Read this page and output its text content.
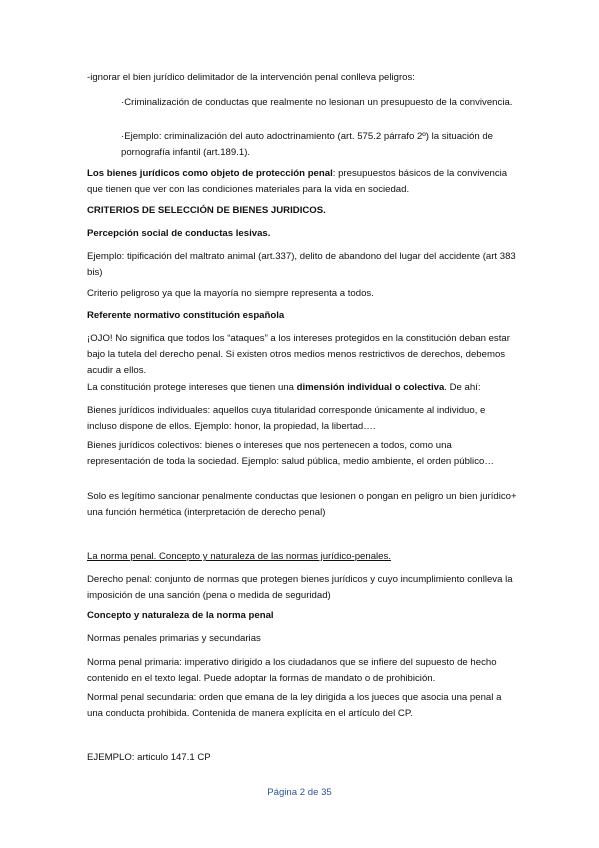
-ignorar el bien jurídico delimitador de la intervención penal conlleva peligros:

·Criminalización de conductas que realmente no lesionan un presupuesto de la convivencia.

·Ejemplo: criminalización del auto adoctrinamiento (art. 575.2 párrafo 2º) la situación de pornografía infantil (art.189.1).

Los bienes jurídicos como objeto de protección penal: presupuestos básicos de la convivencia que tienen que ver con las condiciones materiales para la vida en sociedad.

CRITERIOS DE SELECCIÓN DE BIENES JURIDICOS.

Percepción social de conductas lesivas.

Ejemplo: tipificación del maltrato animal (art.337), delito de abandono del lugar del accidente (art 383 bis)

Criterio peligroso ya que la mayoría no siempre representa a todos.

Referente normativo constitución española

¡OJO! No significa que todos los “ataques” a los intereses protegidos en la constitución deban estar bajo la tutela del derecho penal. Si existen otros medios menos restrictivos de derechos, debemos acudir a ellos.

La constitución protege intereses que tienen una dimensión individual o colectiva. De ahí:

Bienes jurídicos individuales: aquellos cuya titularidad corresponde únicamente al individuo, e incluso dispone de ellos. Ejemplo: honor, la propiedad, la libertad….

Bienes jurídicos colectivos: bienes o intereses que nos pertenecen a todos, como una representación de toda la sociedad. Ejemplo: salud pública, medio ambiente, el orden público…

Solo es legítimo sancionar penalmente conductas que lesionen o pongan en peligro un bien jurídico+ una función hermética (interpretación de derecho penal)

La norma penal. Concepto y naturaleza de las normas jurídico-penales.

Derecho penal: conjunto de normas que protegen bienes jurídicos y cuyo incumplimiento conlleva la imposición de una sanción (pena o medida de seguridad)

Concepto y naturaleza de la norma penal

Normas penales primarias y secundarias

Norma penal primaria: imperativo dirigido a los ciudadanos que se infiere del supuesto de hecho contenido en el texto legal. Puede adoptar la formas de mandato o de prohibición.

Normal penal secundaria: orden que emana de la ley dirigida a los jueces que asocia una penal a una conducta prohibida. Contenida de manera explícita en el artículo del CP.

EJEMPLO: articulo 147.1 CP

Página 2 de 35
